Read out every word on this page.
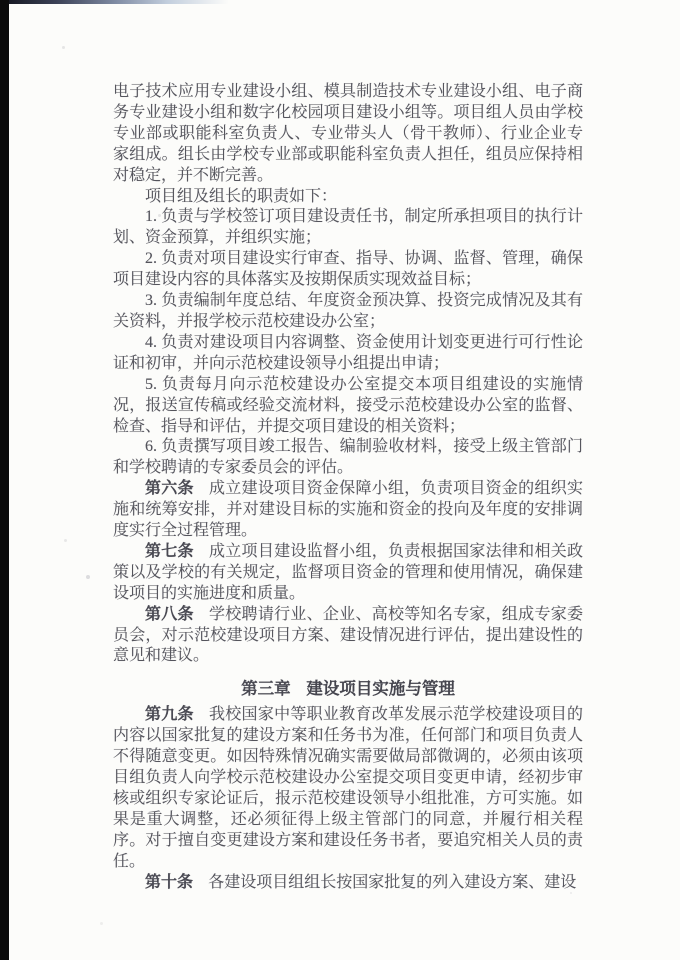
电子技术应用专业建设小组、模具制造技术专业建设小组、电子商务专业建设小组和数字化校园项目建设小组等。项目组人员由学校专业部或职能科室负责人、专业带头人（骨干教师）、行业企业专家组成。组长由学校专业部或职能科室负责人担任，组员应保持相对稳定，并不断完善。

项目组及组长的职责如下：

1. 负责与学校签订项目建设责任书，制定所承担项目的执行计划、资金预算，并组织实施；

2. 负责对项目建设实行审查、指导、协调、监督、管理，确保项目建设内容的具体落实及按期保质实现效益目标；

3. 负责编制年度总结、年度资金预决算、投资完成情况及其有关资料，并报学校示范校建设办公室；

4. 负责对建设项目内容调整、资金使用计划变更进行可行性论证和初审，并向示范校建设领导小组提出申请；

5. 负责每月向示范校建设办公室提交本项目组建设的实施情况，报送宣传稿或经验交流材料，接受示范校建设办公室的监督、检查、指导和评估，并提交项目建设的相关资料；

6. 负责撰写项目竣工报告、编制验收材料，接受上级主管部门和学校聘请的专家委员会的评估。

第六条 成立建设项目资金保障小组，负责项目资金的组织实施和统筹安排，并对建设目标的实施和资金的投向及年度的安排调度实行全过程管理。

第七条 成立项目建设监督小组，负责根据国家法律和相关政策以及学校的有关规定，监督项目资金的管理和使用情况，确保建设项目的实施进度和质量。

第八条 学校聘请行业、企业、高校等知名专家，组成专家委员会，对示范校建设项目方案、建设情况进行评估，提出建设性的意见和建议。

第三章 建设项目实施与管理

第九条 我校国家中等职业教育改革发展示范学校建设项目的内容以国家批复的建设方案和任务书为准，任何部门和项目负责人不得随意变更。如因特殊情况确实需要做局部微调的，必须由该项目组负责人向学校示范校建设办公室提交项目变更申请，经初步审核或组织专家论证后，报示范校建设领导小组批准，方可实施。如果是重大调整，还必须征得上级主管部门的同意，并履行相关程序。对于擅自变更建设方案和建设任务书者，要追究相关人员的责任。

第十条 各建设项目组组长按国家批复的列入建设方案、建设
